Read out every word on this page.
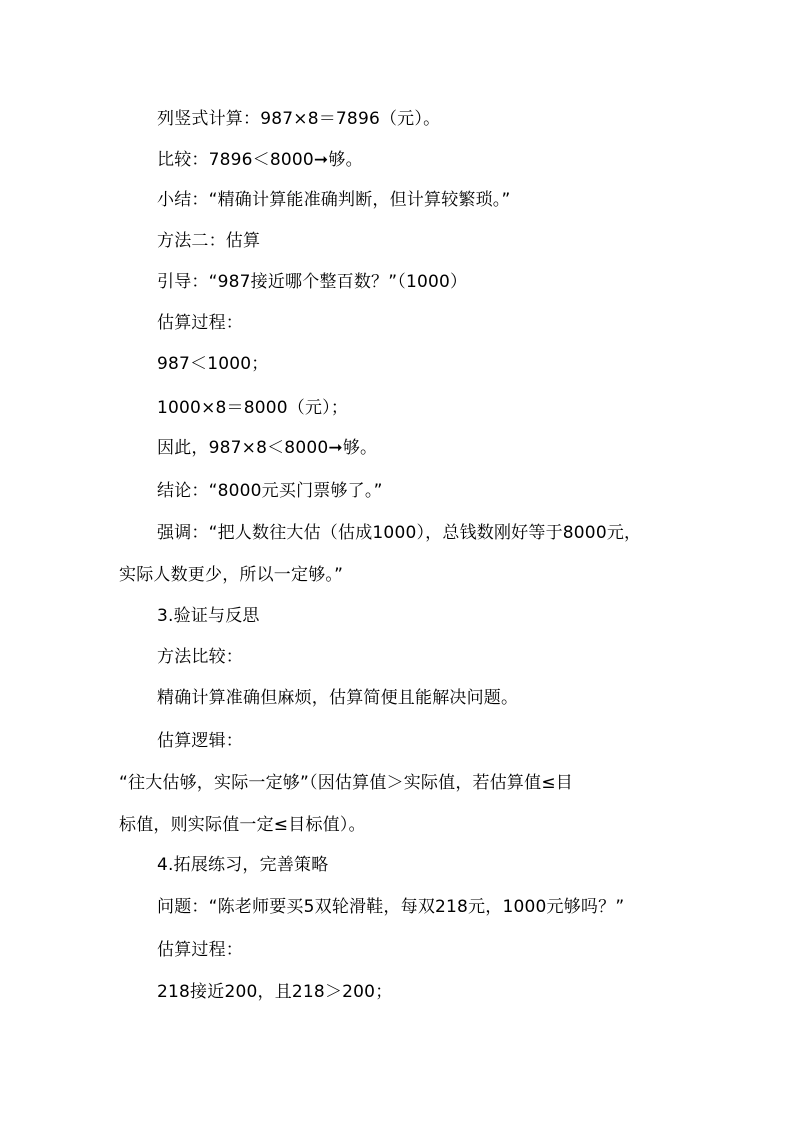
列竖式计算：987×8＝7896（元）。
比较：7896＜8000➞够。
小结：“精确计算能准确判断，但计算较繁琐。”
方法二：估算
引导：“987接近哪个整百数？”（1000）
估算过程：
987＜1000；
1000×8＝8000（元）；
因此，987×8＜8000➞够。
结论：“8000元买门票够了。”
强调：“把人数往大估（估成1000），总钱数刚好等于8000元，
实际人数更少，所以一定够。”
3.验证与反思
方法比较：
精确计算准确但麻烦，估算简便且能解决问题。
估算逻辑：
“往大估够，实际一定够”（因估算值＞实际值，若估算值≤目
标值，则实际值一定≤目标值）。
4.拓展练习，完善策略
问题：“陈老师要买5双轮滑鞋，每双218元，1000元够吗？”
估算过程：
218接近200，且218＞200；
